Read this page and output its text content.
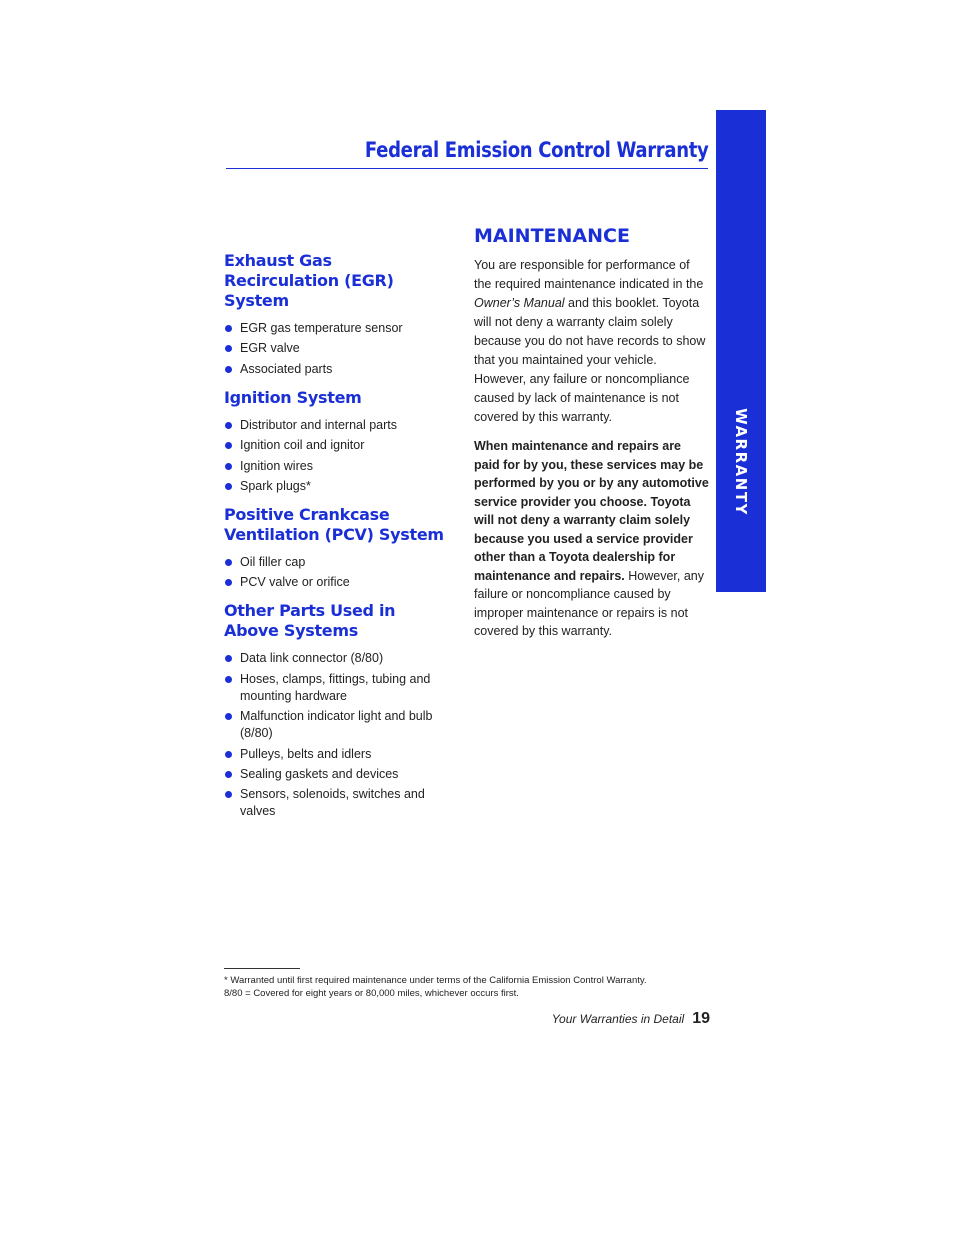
Federal Emission Control Warranty
WARRANTY
Exhaust Gas Recirculation (EGR) System
EGR gas temperature sensor
EGR valve
Associated parts
Ignition System
Distributor and internal parts
Ignition coil and ignitor
Ignition wires
Spark plugs*
Positive Crankcase Ventilation (PCV) System
Oil filler cap
PCV valve or orifice
Other Parts Used in Above Systems
Data link connector (8/80)
Hoses, clamps, fittings, tubing and mounting hardware
Malfunction indicator light and bulb (8/80)
Pulleys, belts and idlers
Sealing gaskets and devices
Sensors, solenoids, switches and valves
MAINTENANCE

You are responsible for performance of the required maintenance indicated in the Owner’s Manual and this booklet. Toyota will not deny a warranty claim solely because you do not have records to show that you maintained your vehicle. However, any failure or noncompliance caused by lack of maintenance is not covered by this warranty.

When maintenance and repairs are paid for by you, these services may be performed by you or by any automotive service provider you choose. Toyota will not deny a warranty claim solely because you used a service provider other than a Toyota dealership for maintenance and repairs. However, any failure or noncompliance caused by improper maintenance or repairs is not covered by this warranty.

* Warranted until first required maintenance under terms of the California Emission Control Warranty.

8/80 = Covered for eight years or 80,000 miles, whichever occurs first.

Your Warranties in Detail 19
